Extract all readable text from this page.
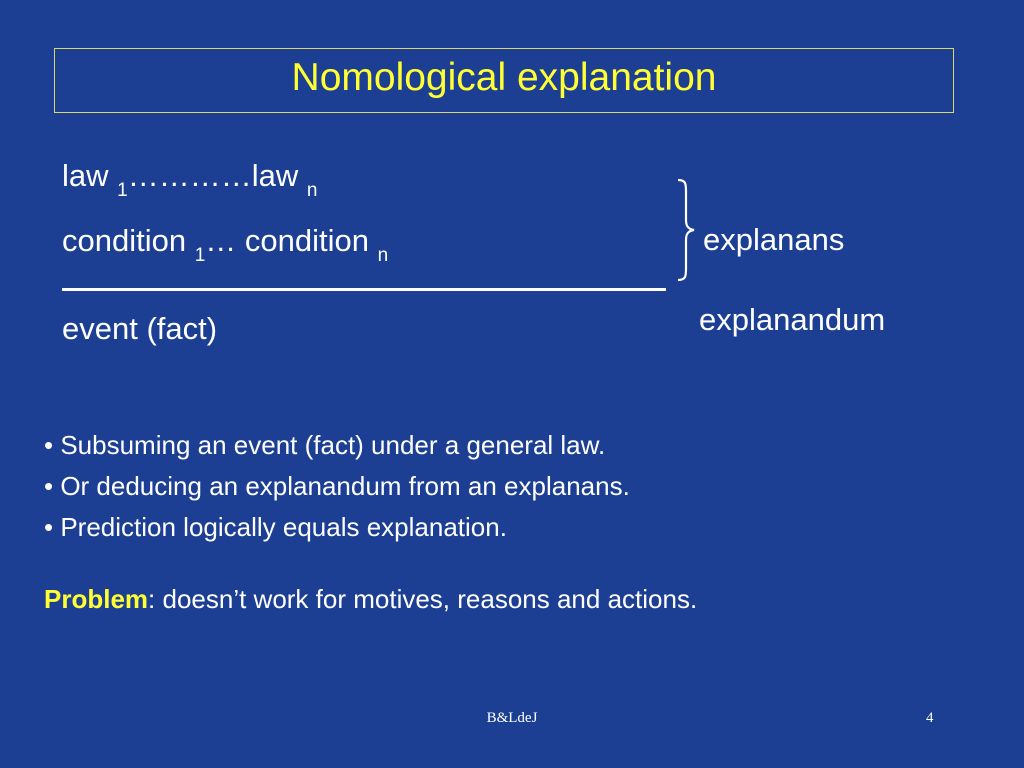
Nomological explanation
law $_1$…………law $_n$
condition $_1$… condition $_n$
event (fact)
explanans
explanandum
• Subsuming an event (fact) under a general law.
• Or deducing an explanandum from an explanans.
• Prediction logically equals explanation.
Problem: doesn’t work for motives, reasons and actions.
B&LdeJ	4
